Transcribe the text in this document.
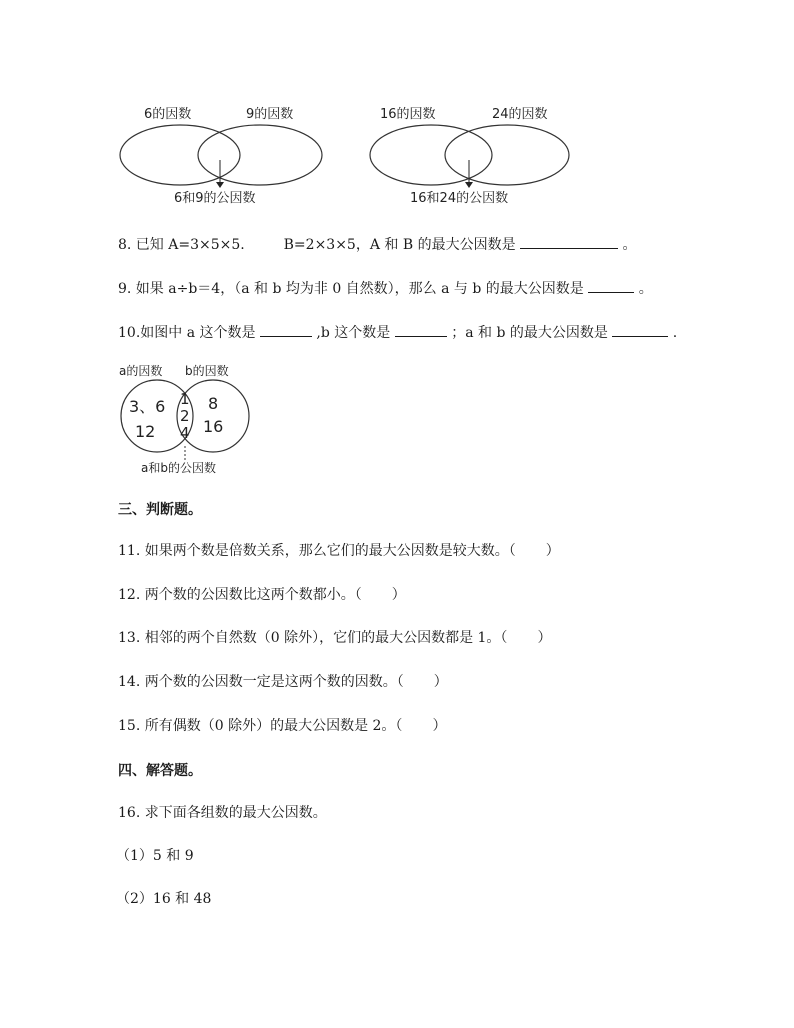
6的因数	9的因数
6和9的公因数
16的因数	24的因数
16和24的公因数
8. 已知 A=3×5×5.	B=2×3×5，A 和 B 的最大公因数是	。
9. 如果 a÷b＝4，（a 和 b 均为非 0 自然数），那么 a 与 b 的最大公因数是	。
10.如图中 a 这个数是	,b 这个数是	；a 和 b 的最大公因数是	.
a的因数 b的因数
3、6
12
1
2
4
8
16
a和b的公因数
三、判断题。
11. 如果两个数是倍数关系，那么它们的最大公因数是较大数。（ ）
12. 两个数的公因数比这两个数都小。（ ）
13. 相邻的两个自然数（0 除外），它们的最大公因数都是 1。（ ）
14. 两个数的公因数一定是这两个数的因数。（ ）
15. 所有偶数（0 除外）的最大公因数是 2。（ ）
四、解答题。
16. 求下面各组数的最大公因数。
（1）5 和 9
（2）16 和 48
